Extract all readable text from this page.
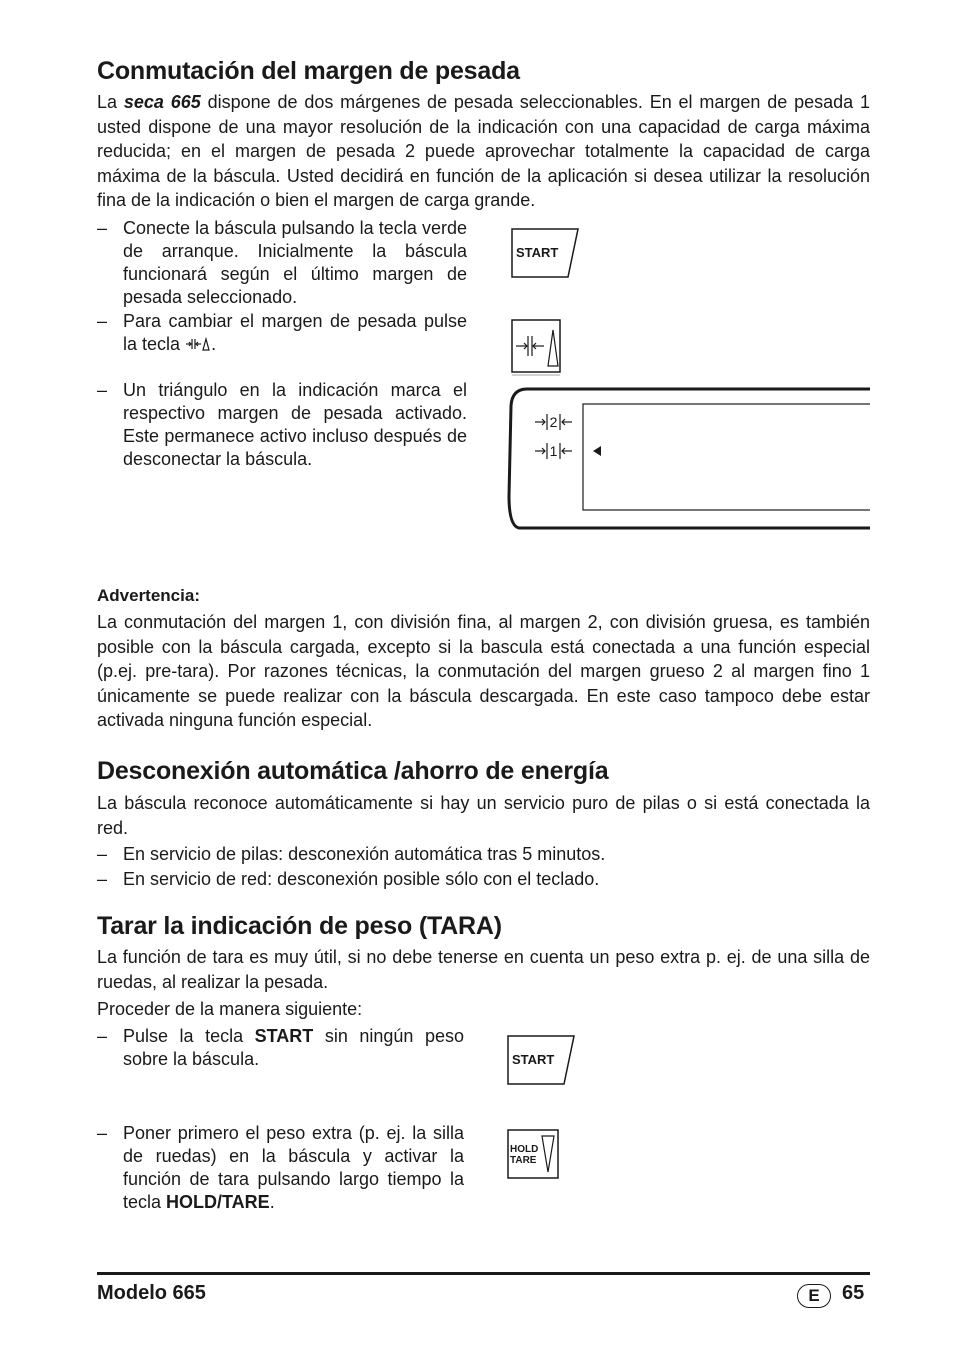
Conmutación del margen de pesada

La seca 665 dispone de dos márgenes de pesada seleccionables. En el margen de pesada 1 usted dispone de una mayor resolución de la indicación con una capacidad de carga máxima reducida; en el margen de pesada 2 puede aprovechar totalmente la capacidad de carga máxima de la báscula. Usted decidirá en función de la aplicación si desea utilizar la resolución fina de la indicación o bien el margen de carga grande.

– Conecte la báscula pulsando la tecla verde de arranque. Inicialmente la báscula funcionará según el último margen de pesada seleccionado.
– Para cambiar el margen de pesada pulse la tecla .
– Un triángulo en la indicación marca el respectivo margen de pesada activado. Este permanece activo incluso después de desconectar la báscula.
START
2
1
Advertencia:

La conmutación del margen 1, con división fina, al margen 2, con división gruesa, es también posible con la báscula cargada, excepto si la bascula está conectada a una función especial (p.ej. pre-tara). Por razones técnicas, la conmutación del margen grueso 2 al margen fino 1 únicamente se puede realizar con la báscula descargada. En este caso tampoco debe estar activada ninguna función especial.

Desconexión automática /ahorro de energía

La báscula reconoce automáticamente si hay un servicio puro de pilas o si está conectada la red.

– En servicio de pilas: desconexión automática tras 5 minutos.
– En servicio de red: desconexión posible sólo con el teclado.
Tarar la indicación de peso (TARA)

La función de tara es muy útil, si no debe tenerse en cuenta un peso extra p. ej. de una silla de ruedas, al realizar la pesada.

Proceder de la manera siguiente:

– Pulse la tecla START sin ningún peso sobre la báscula.
– Poner primero el peso extra (p. ej. la silla de ruedas) en la báscula y activar la función de tara pulsando largo tiempo la tecla HOLD/TARE.
START
HOLD
TARE
Modelo 665	E	65
